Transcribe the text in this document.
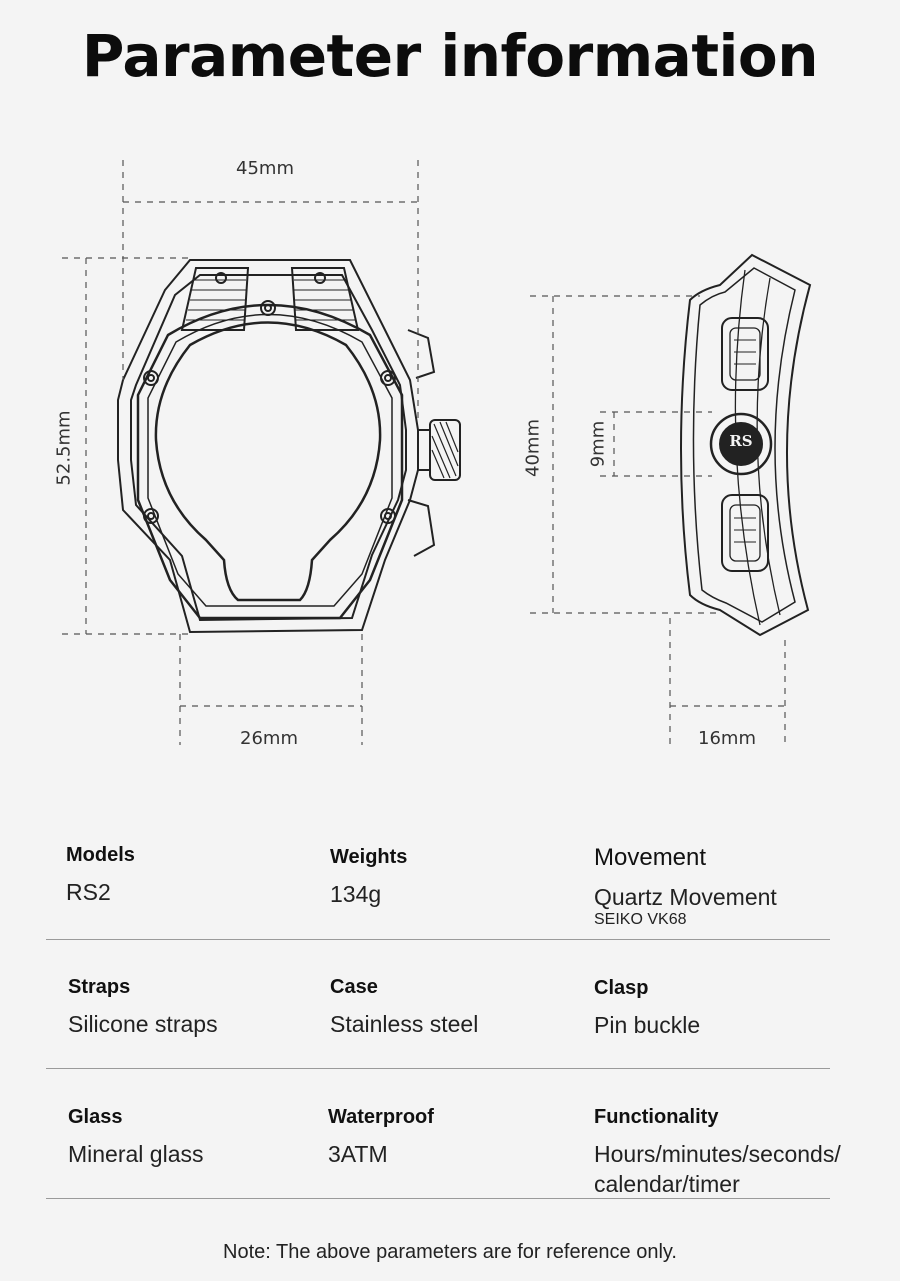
Parameter information
45mm
52.5mm
26mm
40mm 9mm
16mm
RS
Models
RS2
Weights
134g
Movement
Quartz Movement
SEIKO VK68
Straps
Silicone straps
Case
Stainless steel
Clasp
Pin buckle
Glass
Mineral glass
Waterproof
3ATM
Functionality
Hours/minutes/seconds/ calendar/timer
Note: The above parameters are for reference only.
